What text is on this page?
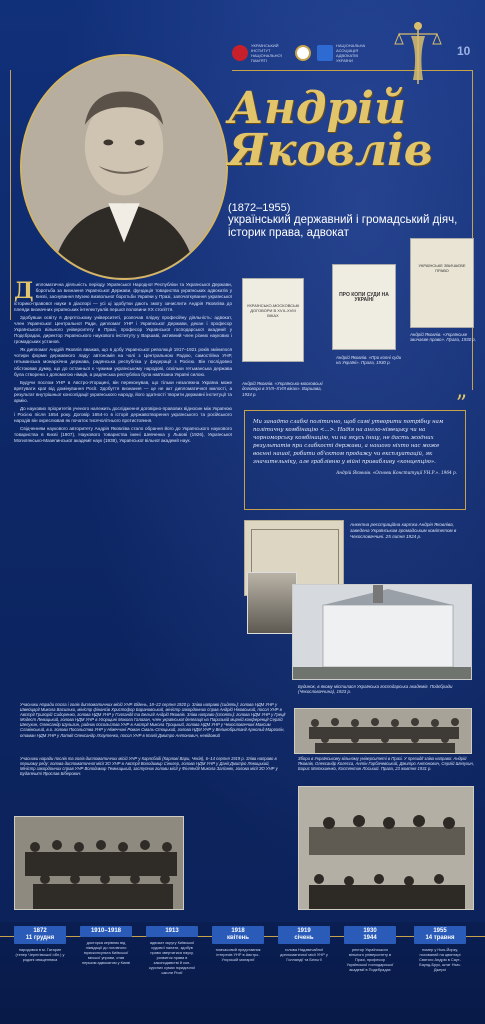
УКРАЇНСЬКИЙ ІНСТИТУТ НАЦІОНАЛЬНОЇ ПАМ'ЯТІ
НАЦІОНАЛЬНА АСОЦІАЦІЯ АДВОКАТІВ УКРАЇНИ
10
Андрій
Яковлів
(1872–1955)
український державний і громадський діяч, історик права, адвокат

Дипломатична діяльність періоду Української Народної Республіки та Української Держави, боротьба за визнання Української Держави, фундація товариства українських адвокатів у Києві, заснування Музею визвольної боротьби України у Празі, започаткування української історико-правової науки в діаспорі — усі ці здобутки дають змогу зачислити Андрія Яковліва до плеяди визначних українських інтелектуалів першої половини ХХ століття.

Здобувши освіту в Дерптському університеті, розпочав плідну професійну діяльність: адвокат, член Української Центральної Ради, дипломат УНР і Української Держави, декан і професор Українського вільного університету в Празі, професор Української господарської академії у Подєбрадах, директор Українського наукового інституту у Варшаві, активний член різних наукових і громадських установ.

Як дипломат Андрій Яковлів вважав, що в добу Української революції 1917–1921 років змінилося чотири форми державного ладу: автономія на чолі з Центральною Радою, самостійна УНР, гетьманська монархічна держава, радянська республіка у федерації з Росією. Він послідовно обстоював думку, що до останньої є чужими українському народові, оскільки гетьманська держава була створена з допомогою німців, а радянська республіка була нав'язана Україні силою.

Будучи послом УНР в Австро-Угорщині, він переконував, що тільки незалежна Україна може врятувати краї від домінування Росії. Здобуття визнання — це не акт дипломатичної милості, а результат внутрішньої консолідації українського народу, його здатності творити державні інституції та армію.

До наукових пріоритетів ученого належить дослідження договірно-правових відносин між Україною і Росією після 1654 року. Договір 1654-го в історії державотворення українського та російського народів він окреслював як початок тисячолітнього протистояння.

Свідченням наукового авторитету Андрія Яковліва стало обрання його до Українського наукового товариства в Києві (1907), Наукового товариства імені Шевченка у Львові (1926), Української Могилянсько-Мазепинської академії наук (1938), Української вільної академії наук.

УКРАЇНСЬКО-МОСКОВСЬКІ ДОГОВОРИ В XVII–XVIII ВІКАХ
ПРО КОПИ СУДИ НА УКРАЇНІ
УКРАЇНСЬКЕ ЗВИЧАЄВЕ ПРАВО
Андрій Яковлів. «Українсько-московські договори в XVII–XVIII віках». Варшава, 1934 р.
Андрій Яковлів. «Про копні суди на Україні». Прага, 1930 р.
Андрій Яковлів. «Українське звичаєве право». Прага, 1930 р.
”
Ми занадто слабкі політично, щоб самі утворити потрібну нам політичну комбінацію <...>. Надія на англо-німецьку чи на чорноморську комбінацію, чи на якусь іншу, не дасть жодних результатів при слабкості держави, а нашого ніхто нас може воєнні нашої, робити об'єктом продажу чи експлуатацій, як значительніку, але граблівню у війні привабливу «концепцію».
Андрій Яковлів. «Основи Конституції УН.Р.». 1964 р.
Анкетна реєстраційна картка Андрія Яковліва, заведена Українським громадським комітетом в Чехословаччині. 25 липня 1924 р.
Будинок, в якому містилася Українська господарська академія. Подєбради (Чехословаччина), 1923 р.
Учасники Наради посла і голів дипломатичних місій УНР. Відень, 18–22 серпня 1920 р. Зліва направо (сидять): голова НДМ УНР у Швейцарії Микола Василько, міністр фінансів Христофор Барановський, міністр закордонних справ Андрій Ніковський, посол УНР в Австрії Григорій Сидоренко, голова НДМ УНР у Голландії та Бельгії Андрій Яковлів. Зліва направо (стоять): голова НДМ УНР у Греції Модест Левицький, голова НДМ УНР в Угорщині Микола Галаган, член української делегації на Паризькій мирній конференції Сергій Шелухин, Олександр Шульгин, радник посольства УНР в Австрії Микола Троцький, голова НДМ УНР у Чехословаччині Максим Славінський, в.о. голови Посольства УНР у Німеччині Роман Смаль-Стоцький, голова НДМ УНР у Великобританії Арнольд Марголін, отаман НДМ УНР у Латвії Олександр Лозутенко, посол УНР в Італії Дмитро Антонович, невідомий
Учасники наради послів та голів дипломатичних місій УНР у Карлсбаді (Карлові Вари, Чехія), 6–14 серпня 1919 р. Зліва направо в першому ряду: голова дипломатичної місії ЗО УНР в Австрії Володимир Сінклер, голова НДМ УНР у Данії Дмитро Левицький, Міністр закордонних справ УНР Володимир Темницький, заступник голови місії у Фінляндії Микола Залізняк, голова місії ЗО УНР у Будапешті Ярослав Біберович.
Збори в Українському вільному університеті в Празі. У президії зліва направо: Андрій Яковлів, Олександр Колесса, Антін Горбачевський, Дмитро Антонович, Сергій Шелухин, Борис Матюшенко, Костянтин Лоський. Прага, 23 жовтня 1931 р.
1872
11 грудня
народився в м. Гатарин (тепер Чернігівської обл.) у родині священника
1910–1918
докторка керівник від ліквідації до головного юрисконсульта Київської міської управи, став першим адвокатом у Києві
1913
адвокат округу Київської судової палати, здобув право звертатися науку, розвиток права в законодавстві й кон-курсних сумах юридичної школи Росії
1918
квітень
тимчасовий представник інтересів УНР в Австро-Угорській монархії
1919
січень
голова Надзвичайної дипломатичної місії УНР у Голландії та Бельгії
1930
1944
ректор Українського вільного університету в Празі, професор Української господарської академії в Подєбрадах
1955
14 травня
помер у Нью-Йорку, похований на цвинтарі Святого Андрія в Саут-Баунд-Брук, штат Нью-Джерсі
